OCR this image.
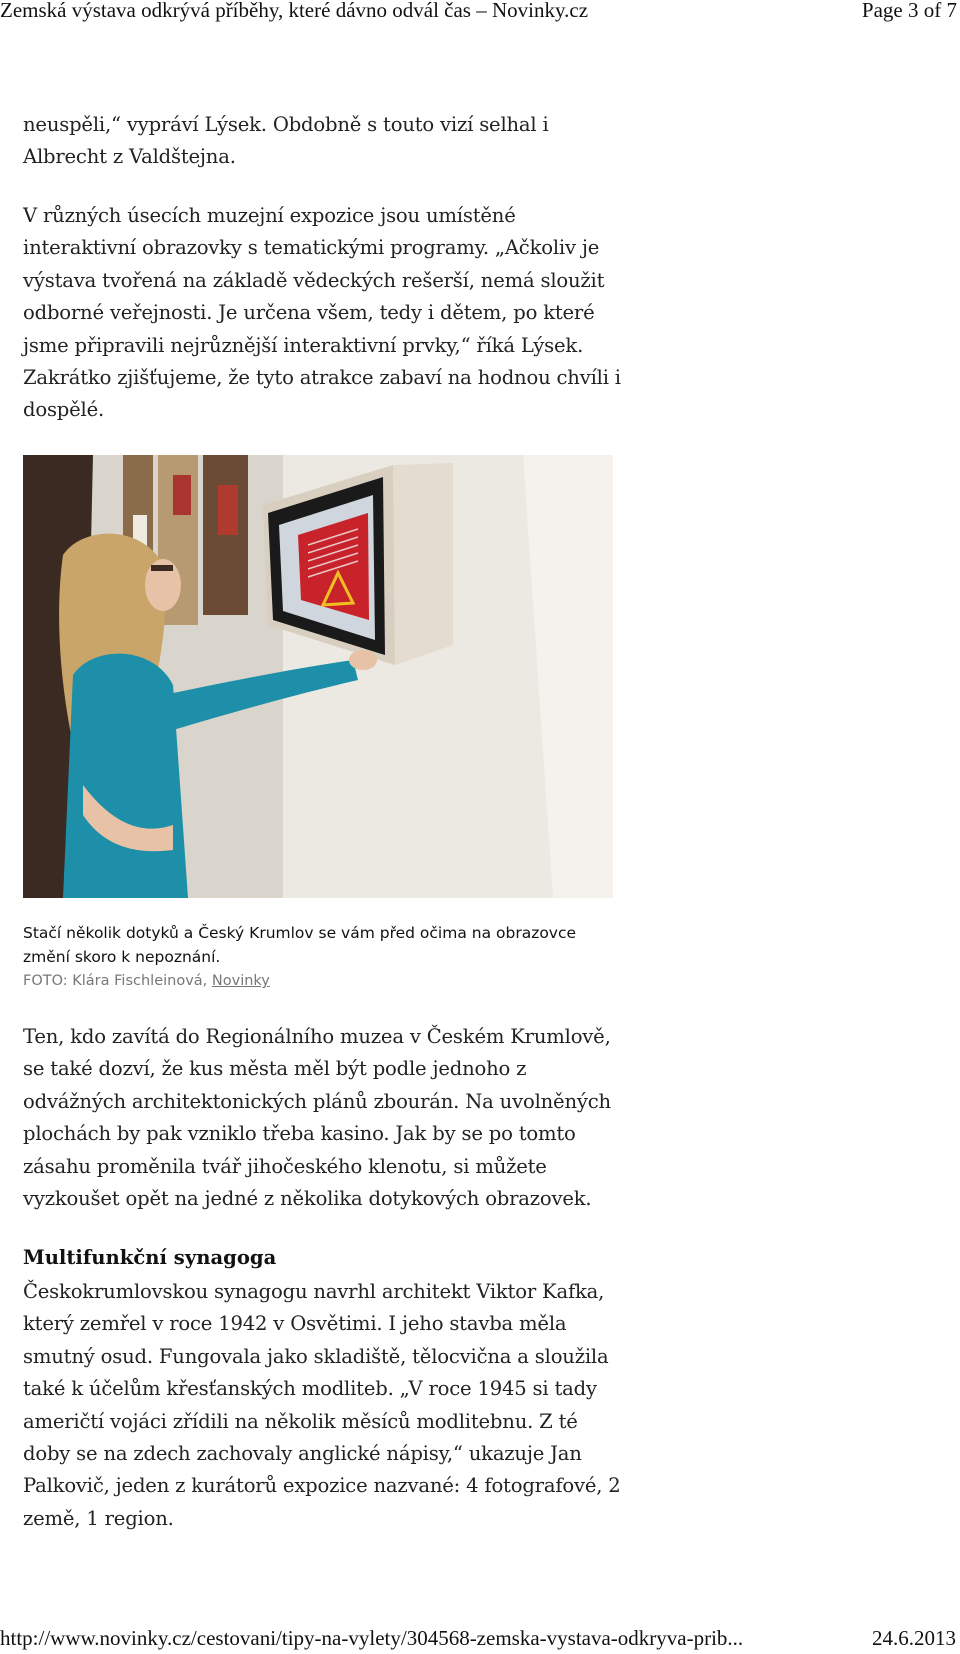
Zemská výstava odkrývá příběhy, které dávno odvál čas – Novinky.cz	Page 3 of 7

neuspěli,“ vypráví Lýsek. Obdobně s touto vizí selhal i Albrecht z Valdštejna.

V různých úsecích muzejní expozice jsou umístěné interaktivní obrazovky s tematickými programy. „Ačkoliv je výstava tvořená na základě vědeckých rešerší, nemá sloužit odborné veřejnosti. Je určena všem, tedy i dětem, po které jsme připravili nejrůznější interaktivní prvky,“ říká Lýsek. Zakrátko zjišťujeme, že tyto atrakce zabaví na hodnou chvíli i dospělé.

Stačí několik dotyků a Český Krumlov se vám před očima na obrazovce změní skoro k nepoznání.
FOTO: Klára Fischleinová, Novinky

Ten, kdo zavítá do Regionálního muzea v Českém Krumlově, se také dozví, že kus města měl být podle jednoho z odvážných architektonických plánů zbourán. Na uvolněných plochách by pak vzniklo třeba kasino. Jak by se po tomto zásahu proměnila tvář jihočeského klenotu, si můžete vyzkoušet opět na jedné z několika dotykových obrazovek.

Multifunkční synagoga

Českokrumlovskou synagogu navrhl architekt Viktor Kafka, který zemřel v roce 1942 v Osvětimi. I jeho stavba měla smutný osud. Fungovala jako skladiště, tělocvična a sloužila také k účelům křesťanských modliteb. „V roce 1945 si tady američtí vojáci zřídili na několik měsíců modlitebnu. Z té doby se na zdech zachovaly anglické nápisy,“ ukazuje Jan Palkovič, jeden z kurátorů expozice nazvané: 4 fotografové, 2 země, 1 region.

http://www.novinky.cz/cestovani/tipy-na-vylety/304568-zemska-vystava-odkryva-prib...	24.6.2013
